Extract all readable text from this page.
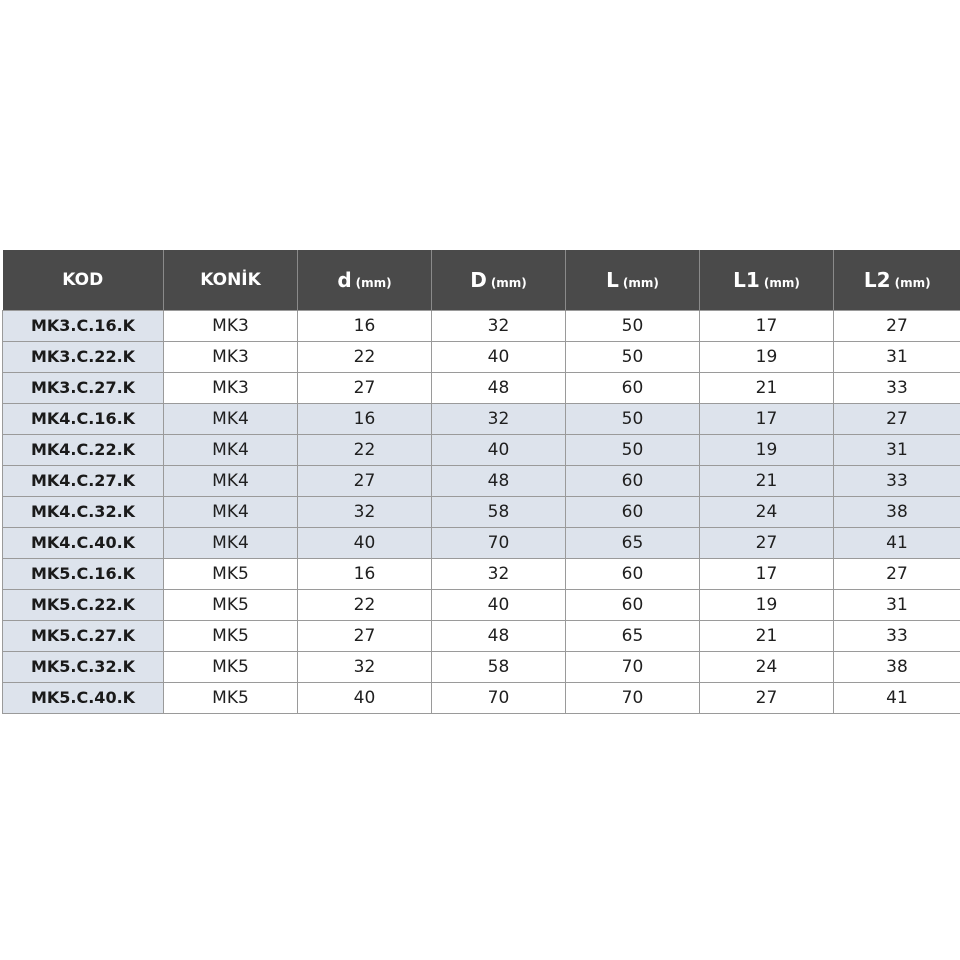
KOD	KONİK	d (mm)	D (mm)	L (mm)	L1 (mm)	L2 (mm)
MK3.C.16.K	MK3	16	32	50	17	27
MK3.C.22.K	MK3	22	40	50	19	31
MK3.C.27.K	MK3	27	48	60	21	33
MK4.C.16.K	MK4	16	32	50	17	27
MK4.C.22.K	MK4	22	40	50	19	31
MK4.C.27.K	MK4	27	48	60	21	33
MK4.C.32.K	MK4	32	58	60	24	38
MK4.C.40.K	MK4	40	70	65	27	41
MK5.C.16.K	MK5	16	32	60	17	27
MK5.C.22.K	MK5	22	40	60	19	31
MK5.C.27.K	MK5	27	48	65	21	33
MK5.C.32.K	MK5	32	58	70	24	38
MK5.C.40.K	MK5	40	70	70	27	41
